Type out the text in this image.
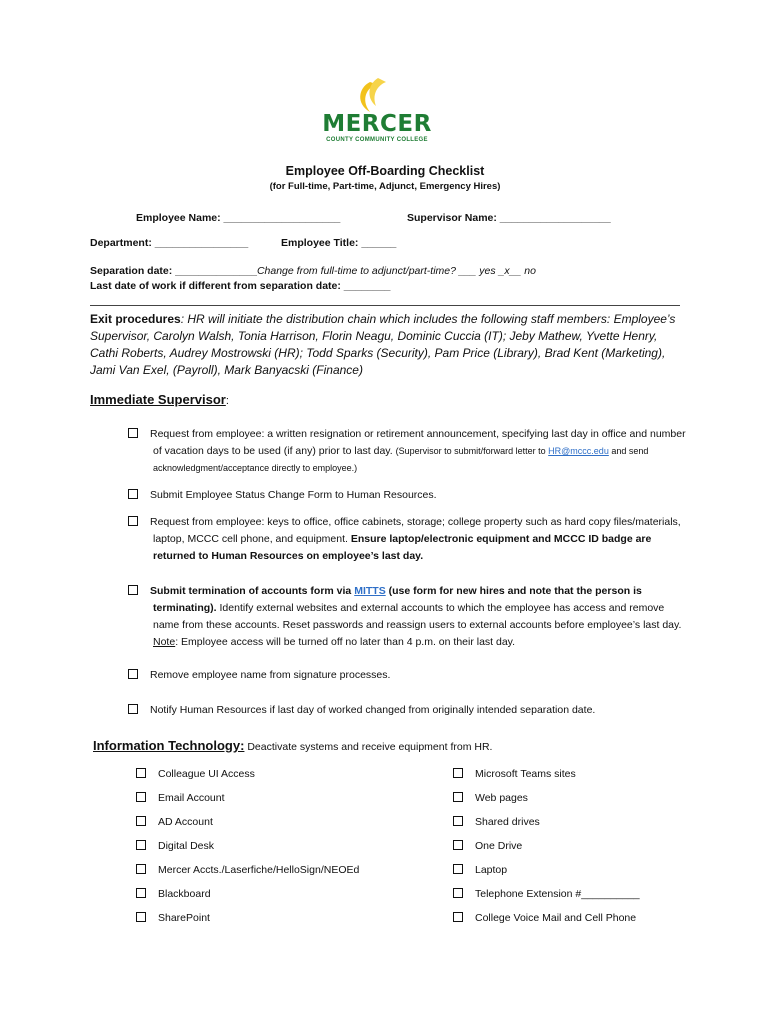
MERCER
COUNTY COMMUNITY COLLEGE
Employee Off-Boarding Checklist
(for Full-time, Part-time, Adjunct, Emergency Hires)
Employee Name: ____________________	Supervisor Name: ___________________
Department: ________________	Employee Title: ______
Separation date: ______________Change from full-time to adjunct/part-time? ___ yes _x__ no
Last date of work if different from separation date: ________
Exit procedures: HR will initiate the distribution chain which includes the following staff members: Employee’s Supervisor, Carolyn Walsh, Tonia Harrison, Florin Neagu, Dominic Cuccia (IT); Jeby Mathew, Yvette Henry, Cathi Roberts, Audrey Mostrowski (HR); Todd Sparks (Security), Pam Price (Library), Brad Kent (Marketing), Jami Van Exel, (Payroll), Mark Banyacski (Finance)
Immediate Supervisor:
Request from employee: a written resignation or retirement announcement, specifying last day in office and number of vacation days to be used (if any) prior to last day. (Supervisor to submit/forward letter to HR@mccc.edu and send acknowledgment/acceptance directly to employee.)
Submit Employee Status Change Form to Human Resources.
Request from employee: keys to office, office cabinets, storage; college property such as hard copy files/materials, laptop, MCCC cell phone, and equipment. Ensure laptop/electronic equipment and MCCC ID badge are returned to Human Resources on employee’s last day.
Submit termination of accounts form via MITTS (use form for new hires and note that the person is terminating). Identify external websites and external accounts to which the employee has access and remove name from these accounts. Reset passwords and reassign users to external accounts before employee’s last day. Note: Employee access will be turned off no later than 4 p.m. on their last day.
Remove employee name from signature processes.
Notify Human Resources if last day of worked changed from originally intended separation date.
Information Technology: Deactivate systems and receive equipment from HR.
Colleague UI Access
Email Account
AD Account
Digital Desk
Mercer Accts./Laserfiche/HelloSign/NEOEd
Blackboard
SharePoint
Microsoft Teams sites
Web pages
Shared drives
One Drive
Laptop
Telephone Extension #__________
College Voice Mail and Cell Phone
